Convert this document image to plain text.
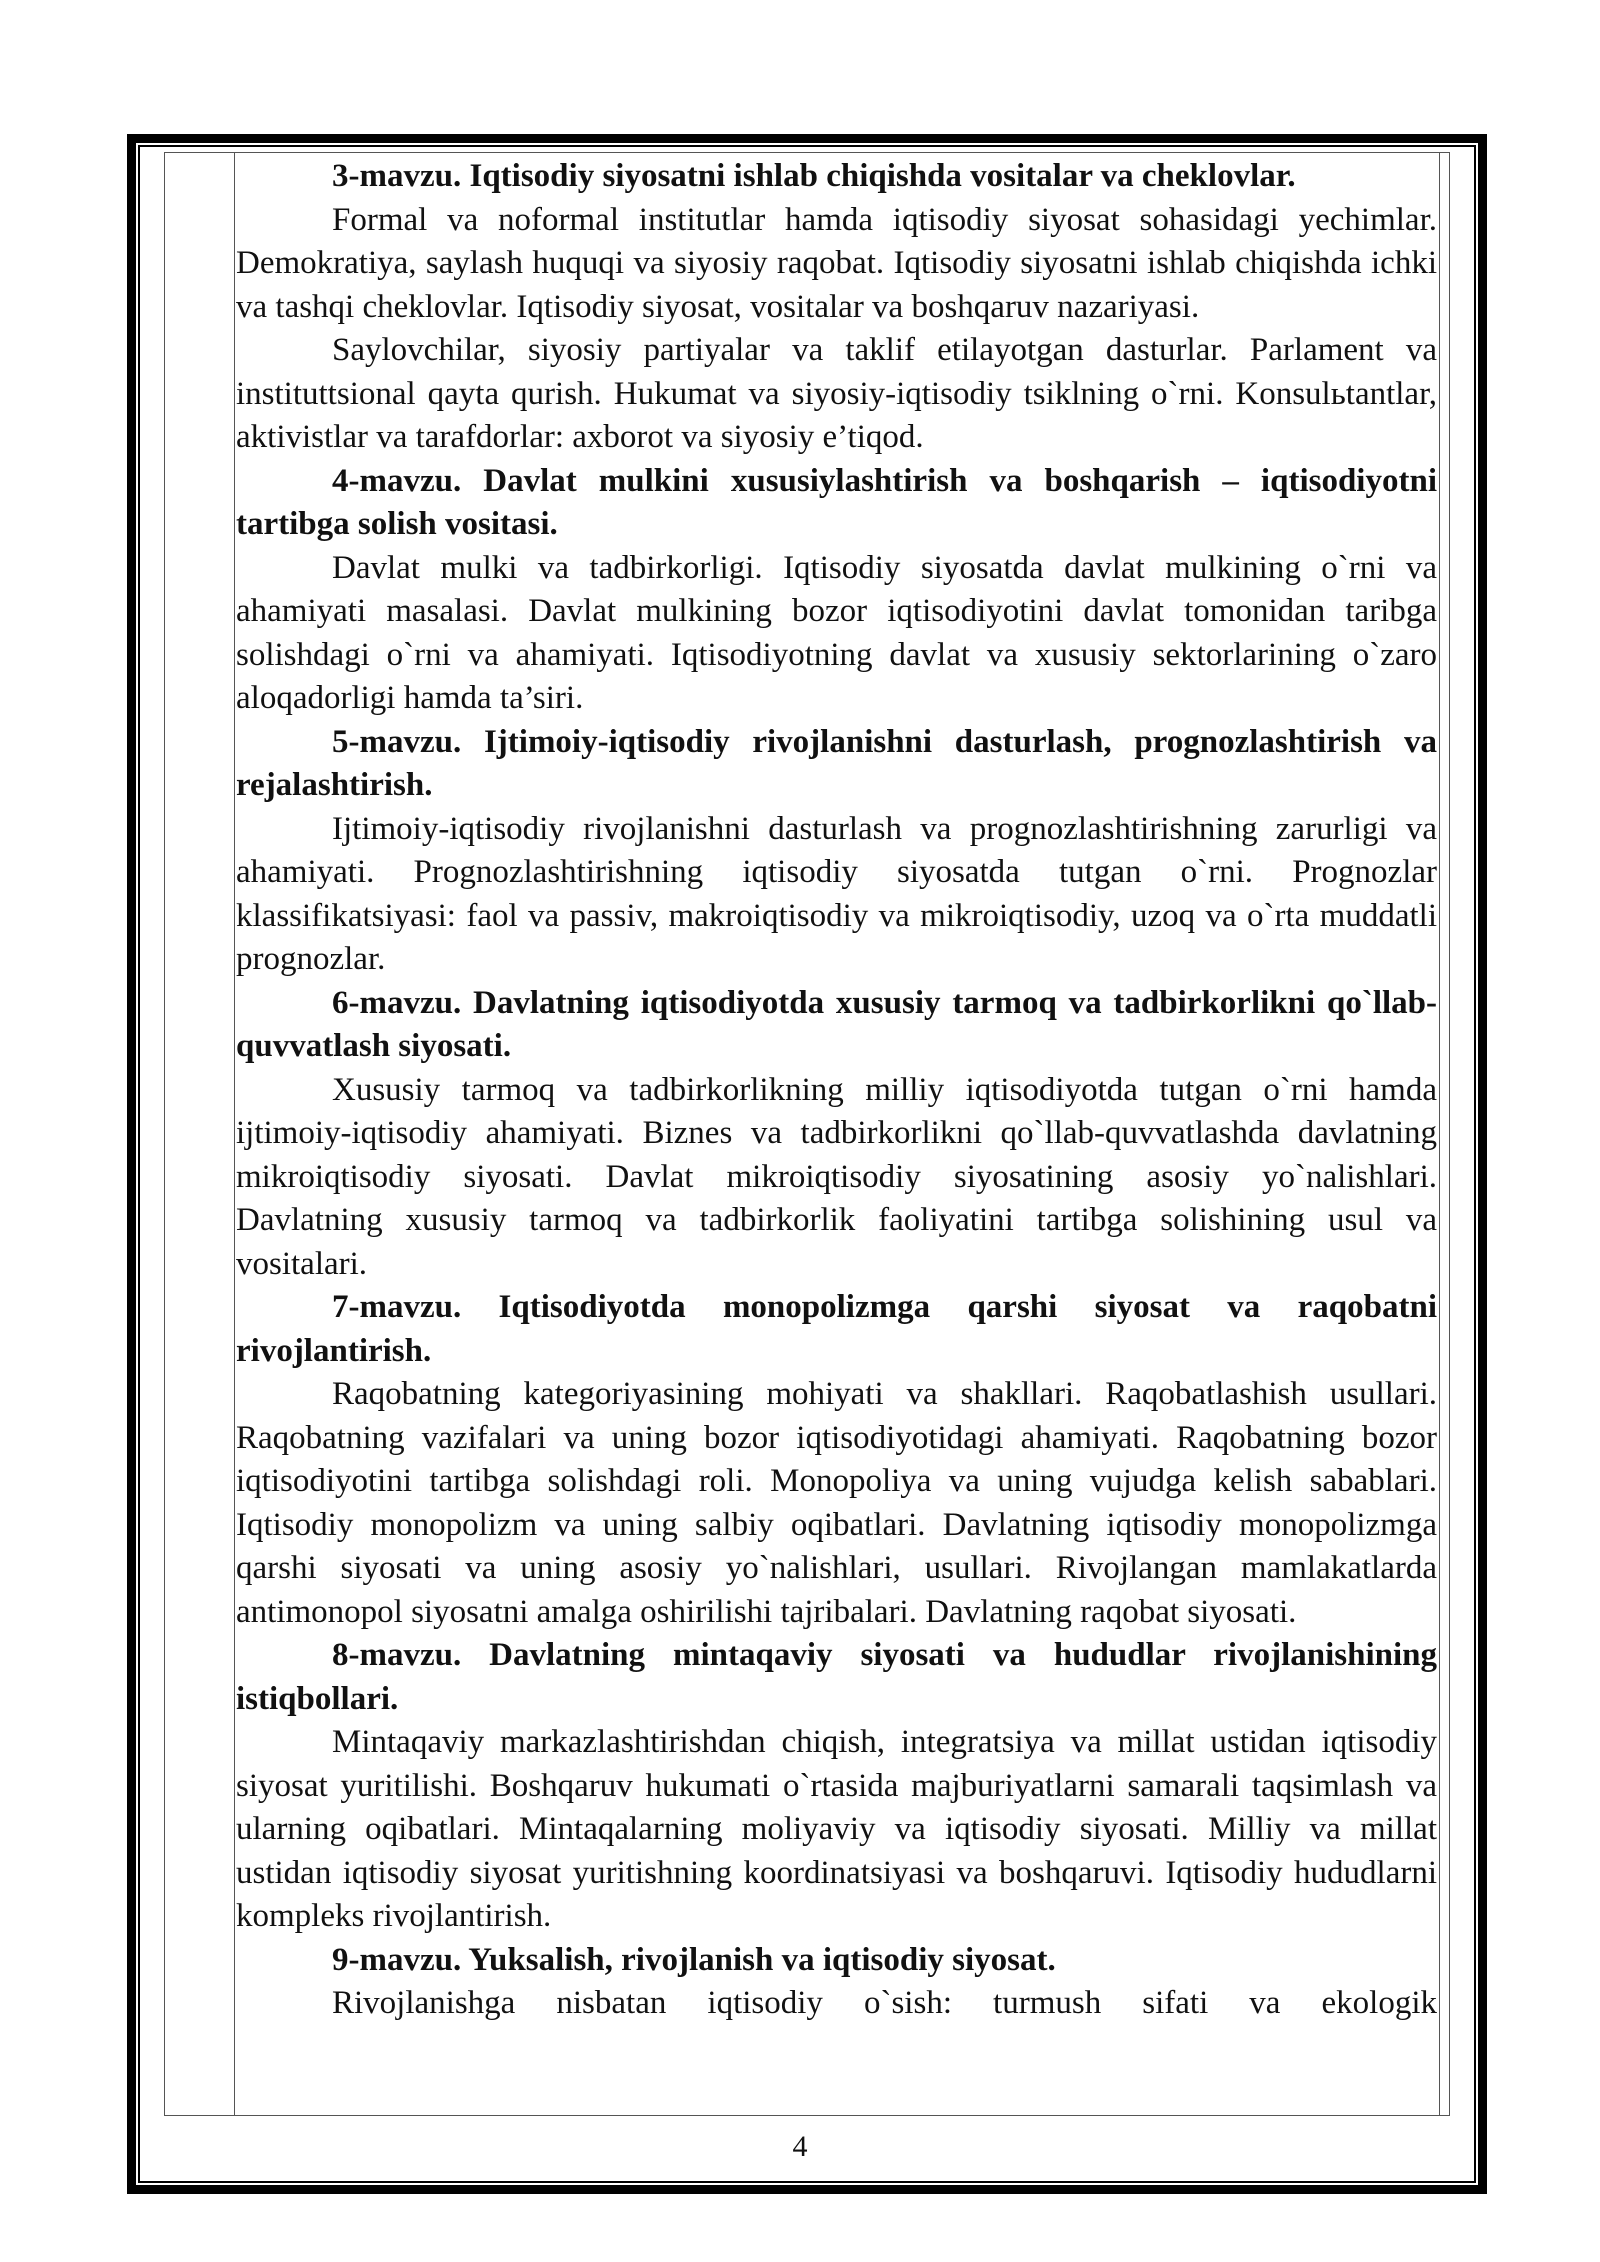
3-mavzu. Iqtisodiy siyosatni ishlab chiqishda vositalar va cheklovlar.

Formal va noformal institutlar hamda iqtisodiy siyosat sohasidagi yechimlar. Demokratiya, saylash huquqi va siyosiy raqobat. Iqtisodiy siyosatni ishlab chiqishda ichki va tashqi cheklovlar. Iqtisodiy siyosat, vositalar va boshqaruv nazariyasi.

Saylovchilar, siyosiy partiyalar va taklif etilayotgan dasturlar. Parlament va instituttsional qayta qurish. Hukumat va siyosiy-iqtisodiy tsiklning o`rni. Konsulьtantlar, aktivistlar va tarafdorlar: axborot va siyosiy e’tiqod.

4-mavzu. Davlat mulkini xususiylashtirish va boshqarish – iqtisodiyotni tartibga solish vositasi.

Davlat mulki va tadbirkorligi. Iqtisodiy siyosatda davlat mulkining o`rni va ahamiyati masalasi. Davlat mulkining bozor iqtisodiyotini davlat tomonidan taribga solishdagi o`rni va ahamiyati. Iqtisodiyotning davlat va xususiy sektorlarining o`zaro aloqadorligi hamda ta’siri.

5-mavzu. Ijtimoiy-iqtisodiy rivojlanishni dasturlash, prognozlashtirish va rejalashtirish.

Ijtimoiy-iqtisodiy rivojlanishni dasturlash va prognozlashtirishning zarurligi va ahamiyati. Prognozlashtirishning iqtisodiy siyosatda tutgan o`rni. Prognozlar klassifikatsiyasi: faol va passiv, makroiqtisodiy va mikroiqtisodiy, uzoq va o`rta muddatli prognozlar.

6-mavzu. Davlatning iqtisodiyotda xususiy tarmoq va tadbirkorlikni qo`llab-quvvatlash siyosati.

Xususiy tarmoq va tadbirkorlikning milliy iqtisodiyotda tutgan o`rni hamda ijtimoiy-iqtisodiy ahamiyati. Biznes va tadbirkorlikni qo`llab-quvvatlashda davlatning mikroiqtisodiy siyosati. Davlat mikroiqtisodiy siyosatining asosiy yo`nalishlari. Davlatning xususiy tarmoq va tadbirkorlik faoliyatini tartibga solishining usul va vositalari.

7-mavzu. Iqtisodiyotda monopolizmga qarshi siyosat va raqobatni rivojlantirish.

Raqobatning kategoriyasining mohiyati va shakllari. Raqobatlashish usullari. Raqobatning vazifalari va uning bozor iqtisodiyotidagi ahamiyati. Raqobatning bozor iqtisodiyotini tartibga solishdagi roli. Monopoliya va uning vujudga kelish sabablari. Iqtisodiy monopolizm va uning salbiy oqibatlari. Davlatning iqtisodiy monopolizmga qarshi siyosati va uning asosiy yo`nalishlari, usullari. Rivojlangan mamlakatlarda antimonopol siyosatni amalga oshirilishi tajribalari. Davlatning raqobat siyosati.

8-mavzu. Davlatning mintaqaviy siyosati va hududlar rivojlanishining istiqbollari.

Mintaqaviy markazlashtirishdan chiqish, integratsiya va millat ustidan iqtisodiy siyosat yuritilishi. Boshqaruv hukumati o`rtasida majburiyatlarni samarali taqsimlash va ularning oqibatlari. Mintaqalarning moliyaviy va iqtisodiy siyosati. Milliy va millat ustidan iqtisodiy siyosat yuritishning koordinatsiyasi va boshqaruvi. Iqtisodiy hududlarni kompleks rivojlantirish.

9-mavzu. Yuksalish, rivojlanish va iqtisodiy siyosat.

Rivojlanishga nisbatan iqtisodiy o`sish: turmush sifati va ekologik

4
